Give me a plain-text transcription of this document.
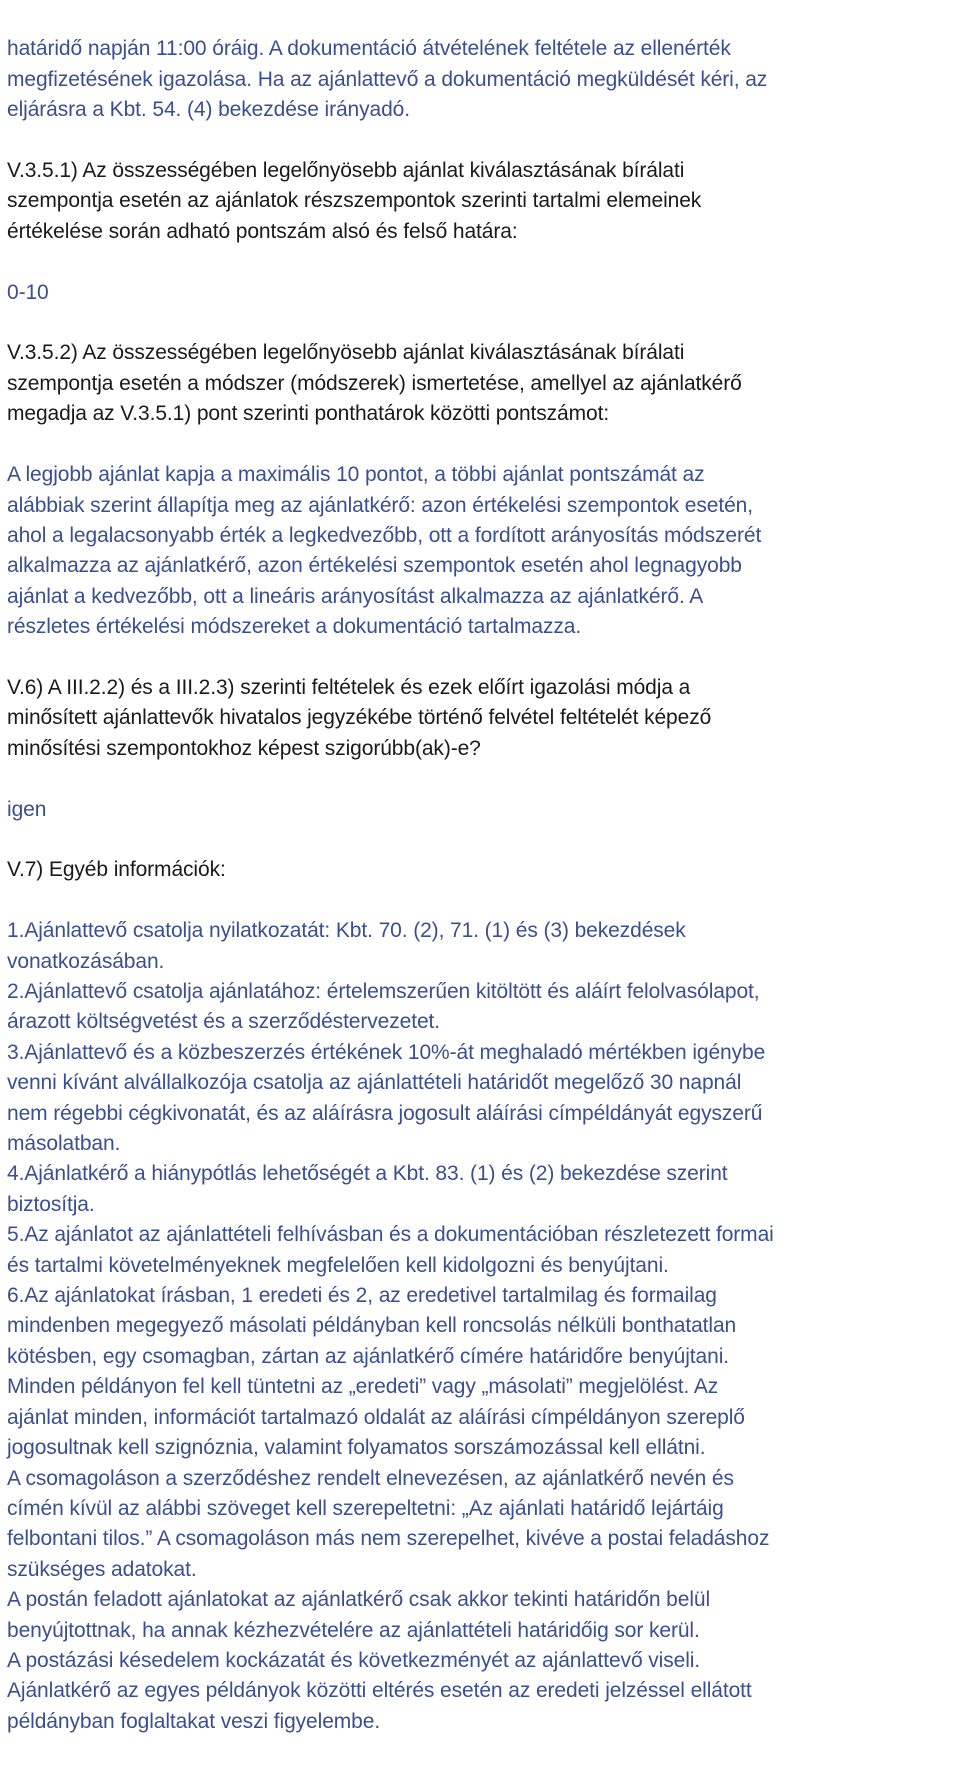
határidő napján 11:00 óráig. A dokumentáció átvételének feltétele az ellenérték
megfizetésének igazolása. Ha az ajánlattevő a dokumentáció megküldését kéri, az
eljárásra a Kbt. 54. (4) bekezdése irányadó.

V.3.5.1) Az összességében legelőnyösebb ajánlat kiválasztásának bírálati
szempontja esetén az ajánlatok részszempontok szerinti tartalmi elemeinek
értékelése során adható pontszám alsó és felső határa:

0-10

V.3.5.2) Az összességében legelőnyösebb ajánlat kiválasztásának bírálati
szempontja esetén a módszer (módszerek) ismertetése, amellyel az ajánlatkérő
megadja az V.3.5.1) pont szerinti ponthatárok közötti pontszámot:

A legjobb ajánlat kapja a maximális 10 pontot, a többi ajánlat pontszámát az
alábbiak szerint állapítja meg az ajánlatkérő: azon értékelési szempontok esetén,
ahol a legalacsonyabb érték a legkedvezőbb, ott a fordított arányosítás módszerét
alkalmazza az ajánlatkérő, azon értékelési szempontok esetén ahol legnagyobb
ajánlat a kedvezőbb, ott a lineáris arányosítást alkalmazza az ajánlatkérő. A
részletes értékelési módszereket a dokumentáció tartalmazza.

V.6) A III.2.2) és a III.2.3) szerinti feltételek és ezek előírt igazolási módja a
minősített ajánlattevők hivatalos jegyzékébe történő felvétel feltételét képező
minősítési szempontokhoz képest szigorúbb(ak)-e?

igen

V.7) Egyéb információk:

1.Ajánlattevő csatolja nyilatkozatát: Kbt. 70. (2), 71. (1) és (3) bekezdések
vonatkozásában.
2.Ajánlattevő csatolja ajánlatához: értelemszerűen kitöltött és aláírt felolvasólapot,
árazott költségvetést és a szerződéstervezetet.
3.Ajánlattevő és a közbeszerzés értékének 10%-át meghaladó mértékben igénybe
venni kívánt alvállalkozója csatolja az ajánlattételi határidőt megelőző 30 napnál
nem régebbi cégkivonatát, és az aláírásra jogosult aláírási címpéldányát egyszerű
másolatban.
4.Ajánlatkérő a hiánypótlás lehetőségét a Kbt. 83. (1) és (2) bekezdése szerint
biztosítja.
5.Az ajánlatot az ajánlattételi felhívásban és a dokumentációban részletezett formai
és tartalmi követelményeknek megfelelően kell kidolgozni és benyújtani.
6.Az ajánlatokat írásban, 1 eredeti és 2, az eredetivel tartalmilag és formailag
mindenben megegyező másolati példányban kell roncsolás nélküli bonthatatlan
kötésben, egy csomagban, zártan az ajánlatkérő címére határidőre benyújtani.
Minden példányon fel kell tüntetni az „eredeti” vagy „másolati” megjelölést. Az
ajánlat minden, információt tartalmazó oldalát az aláírási címpéldányon szereplő
jogosultnak kell szignóznia, valamint folyamatos sorszámozással kell ellátni.
A csomagoláson a szerződéshez rendelt elnevezésen, az ajánlatkérő nevén és
címén kívül az alábbi szöveget kell szerepeltetni: „Az ajánlati határidő lejártáig
felbontani tilos.” A csomagoláson más nem szerepelhet, kivéve a postai feladáshoz
szükséges adatokat.
A postán feladott ajánlatokat az ajánlatkérő csak akkor tekinti határidőn belül
benyújtottnak, ha annak kézhezvételére az ajánlattételi határidőig sor kerül.
A postázási késedelem kockázatát és következményét az ajánlattevő viseli.
Ajánlatkérő az egyes példányok közötti eltérés esetén az eredeti jelzéssel ellátott
példányban foglaltakat veszi figyelembe.
